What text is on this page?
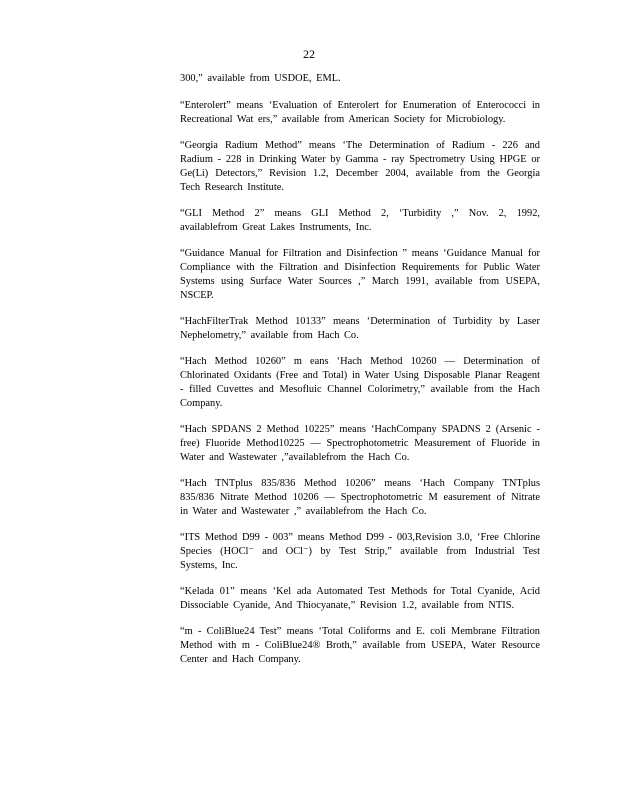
22

300,” available from USDOE, EML.

“Enterolert” means ‘Evaluation of Enterolert for Enumeration of Enterococci in Recreational Wat ers,” available from American Society for Microbiology.

“Georgia Radium Method” means ‘The Determination of Radium - 226 and Radium - 228 in Drinking Water by Gamma - ray Spectrometry Using HPGE or Ge(Li) Detectors,” Revision 1.2, December 2004, available from the Georgia Tech Research Institute.

“GLI Method 2” means GLI Method 2, ‘Turbidity ,” Nov. 2, 1992, availablefrom Great Lakes Instruments, Inc.

“Guidance Manual for Filtration and Disinfection ” means ‘Guidance Manual for Compliance with the Filtration and Disinfection Requirements for Public Water Systems using Surface Water Sources ,” March 1991, available from USEPA, NSCEP.

“HachFilterTrak Method 10133” means ‘Determination of Turbidity by Laser Nephelometry,” available from Hach Co.

“Hach Method 10260” m eans ‘Hach Method 10260 — Determination of Chlorinated Oxidants (Free and Total) in Water Using Disposable Planar Reagent - filled Cuvettes and Mesofluic Channel Colorimetry,” available from the Hach Company.

“Hach SPDANS 2 Method 10225” means ‘HachCompany SPADNS 2 (Arsenic - free) Fluoride Method10225 — Spectrophotometric Measurement of Fluoride in Water and Wastewater ,”availablefrom the Hach Co.

“Hach TNTplus 835/836 Method 10206” means ‘Hach Company TNTplus 835/836 Nitrate Method 10206 — Spectrophotometric M easurement of Nitrate in Water and Wastewater ,” availablefrom the Hach Co.

“ITS Method D99 - 003” means Method D99 - 003,Revision 3.0, ‘Free Chlorine Species (HOCl⁻ and OCl⁻) by Test Strip,” available from Industrial Test Systems, Inc.

“Kelada 01” means ‘Kel ada Automated Test Methods for Total Cyanide, Acid Dissociable Cyanide, And Thiocyanate,” Revision 1.2, available from NTIS.

“m - ColiBlue24 Test” means ‘Total Coliforms and E. coli Membrane Filtration Method with m - ColiBlue24® Broth,” available from USEPA, Water Resource Center and Hach Company.
